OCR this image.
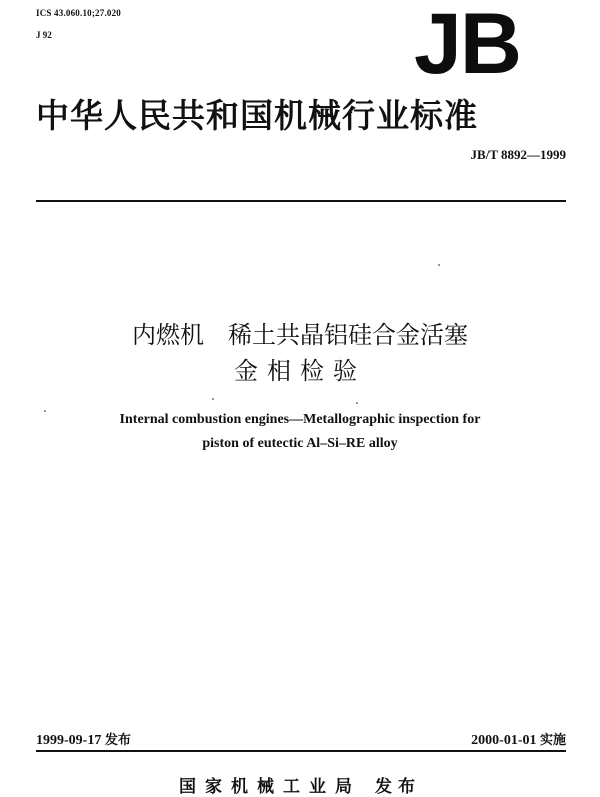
ICS 43.060.10;27.020
J 92	JB
中华人民共和国机械行业标准
JB/T 8892—1999
内燃机　稀土共晶铝硅合金活塞
金相检验
Internal combustion engines—Metallographic inspection for
piston of eutectic Al–Si–RE alloy
1999-09-17 发布	2000-01-01 实施
国家机械工业局 发布
